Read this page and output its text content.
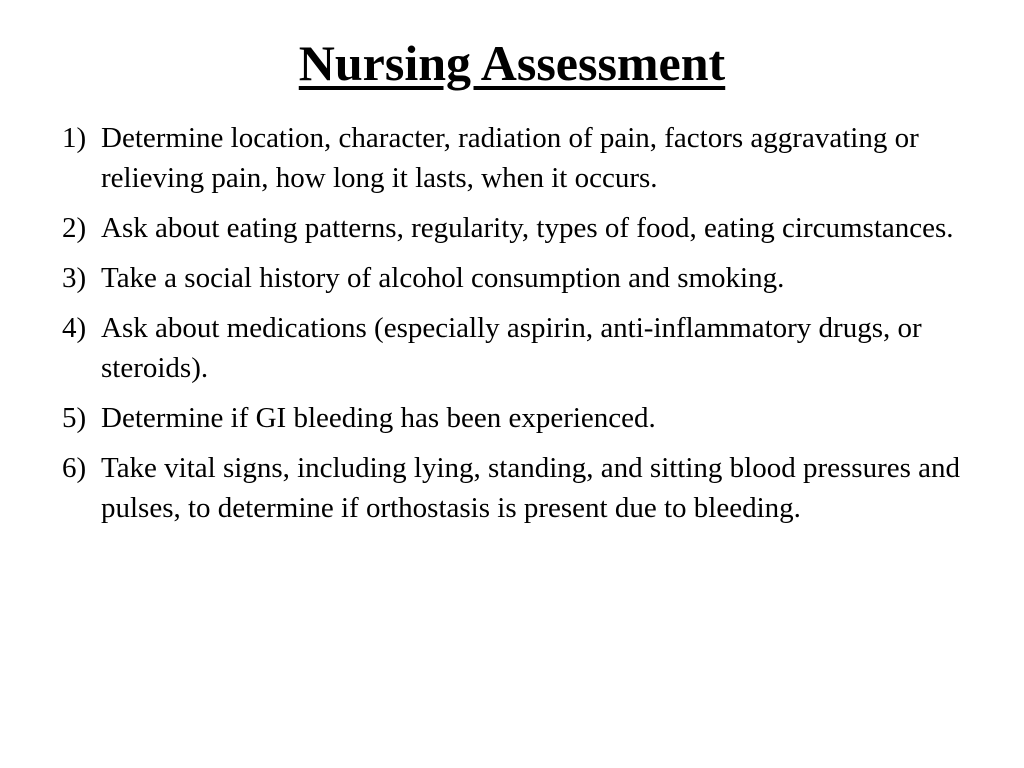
Nursing Assessment
1) Determine location, character, radiation of pain, factors aggravating or relieving pain, how long it lasts, when it occurs.
2) Ask about eating patterns, regularity, types of food, eating circumstances.
3) Take a social history of alcohol consumption and smoking.
4) Ask about medications (especially aspirin, anti-inflammatory drugs, or steroids).
5) Determine if GI bleeding has been experienced.
6) Take vital signs, including lying, standing, and sitting blood pressures and pulses, to determine if orthostasis is present due to bleeding.
